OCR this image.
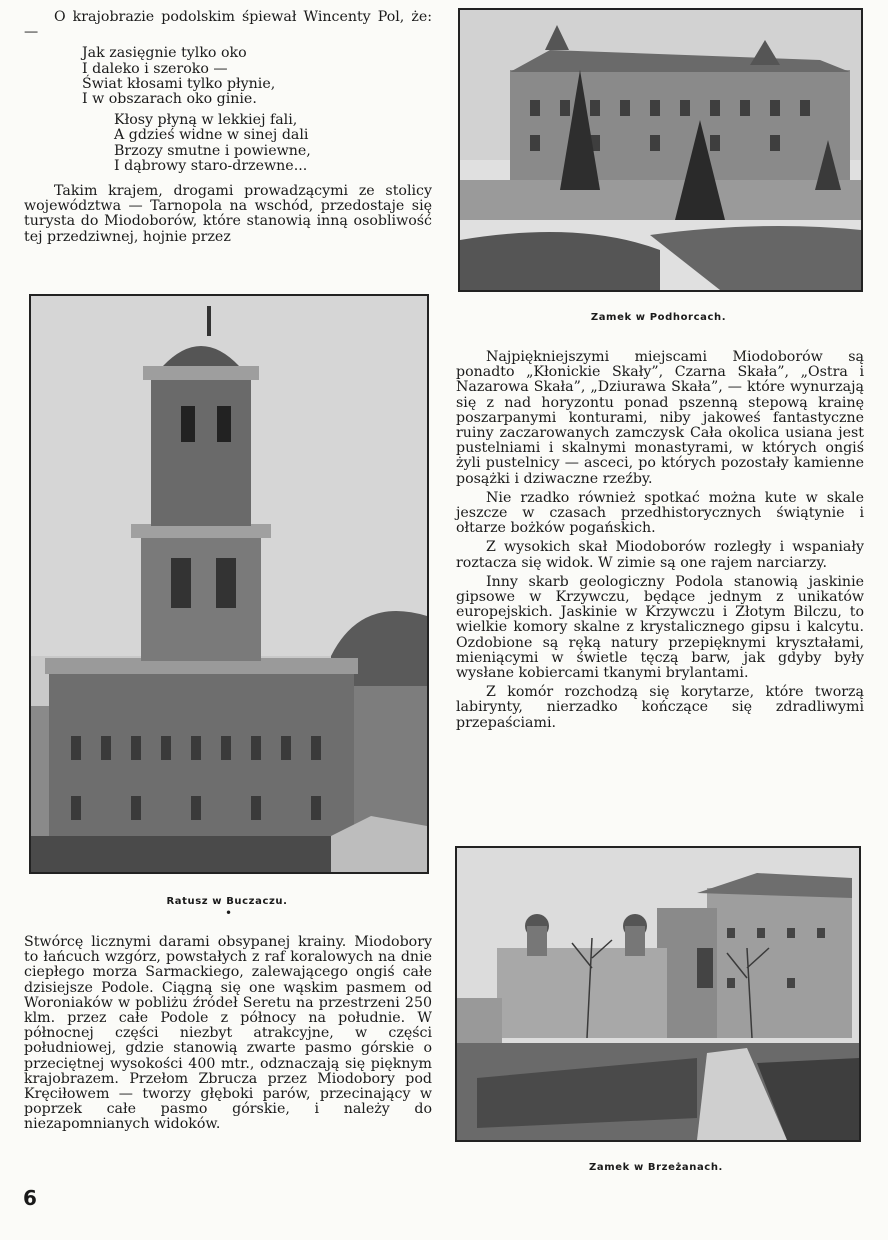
O krajobrazie podolskim śpiewał Wincenty Pol, że: —

Jak zasięgnie tylko oko
I daleko i szeroko —
Świat kłosami tylko płynie,
I w obszarach oko ginie.
Kłosy płyną w lekkiej fali,
A gdzieś widne w sinej dali
Brzozy smutne i powiewne,
I dąbrowy staro-drzewne...

Takim krajem, drogami prowadzącymi ze stolicy województwa — Tarnopola na wschód, przedostaje się turysta do Miodoborów, które stanowią inną osobliwość tej przedziwnej, hojnie przez

Ratusz w Buczaczu.
•

Stwórcę licznymi darami obsypanej krainy. Miodobory to łańcuch wzgórz, powstałych z raf koralowych na dnie ciepłego morza Sarmackiego, zalewającego ongiś całe dzisiejsze Podole. Ciągną się one wąskim pasmem od Woroniaków w pobliżu źródeł Seretu na przestrzeni 250 klm. przez całe Podole z północy na południe. W północnej części niezbyt atrakcyjne, w części południowej, gdzie stanowią zwarte pasmo górskie o przeciętnej wysokości 400 mtr., odznaczają się pięknym krajobrazem. Przełom Zbrucza przez Miodobory pod Kręciłowem — tworzy głęboki parów, przecinający w poprzek całe pasmo górskie, i należy do niezapomnianych widoków.

Zamek w Podhorcach.

Najpiękniejszymi miejscami Miodoborów są ponadto „Kłonickie Skały”, Czarna Skała”, „Ostra i Nazarowa Skała”, „Dziurawa Skała”, — które wynurzają się z nad horyzontu ponad pszenną stepową krainę poszarpanymi konturami, niby jakoweś fantastyczne ruiny zaczarowanych zamczysk Cała okolica usiana jest pustelniami i skalnymi monastyrami, w których ongiś żyli pustelnicy — asceci, po których pozostały kamienne posążki i dziwaczne rzeźby.

Nie rzadko również spotkać można kute w skale jeszcze w czasach przedhistorycznych świątynie i ołtarze bożków pogańskich.

Z wysokich skał Miodoborów rozległy i wspaniały roztacza się widok. W zimie są one rajem narciarzy.

Inny skarb geologiczny Podola stanowią jaskinie gipsowe w Krzywczu, będące jednym z unikatów europejskich. Jaskinie w Krzywczu i Złotym Bilczu, to wielkie komory skalne z krystalicznego gipsu i kalcytu. Ozdobione są ręką natury przepięknymi kryształami, mieniącymi w świetle tęczą barw, jak gdyby były wysłane kobiercami tkanymi brylantami.

Z komór rozchodzą się korytarze, które tworzą labirynty, nierzadko kończące się zdradliwymi przepaściami.

Zamek w Brzeżanach.
6
